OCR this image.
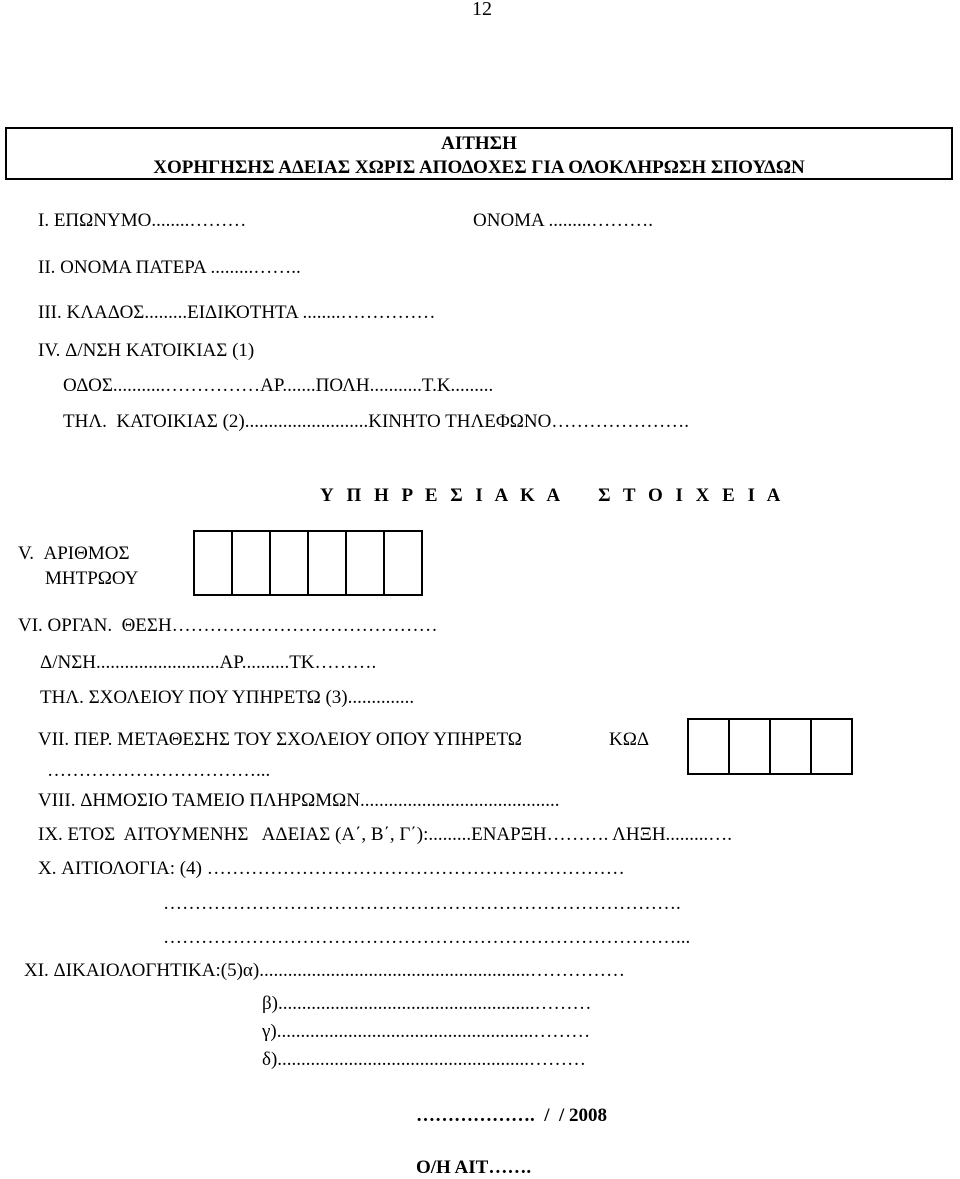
12
ΑΙΤΗΣΗ
ΧΟΡΗΓΗΣΗΣ ΑΔΕΙΑΣ ΧΩΡΙΣ ΑΠΟΔΟΧΕΣ ΓΙΑ ΟΛΟΚΛΗΡΩΣΗ ΣΠΟΥΔΩΝ
Ι. ΕΠΩΝΥΜΟ........………	ΟΝΟΜΑ .........……….
ΙΙ. ΟΝΟΜΑ ΠΑΤΕΡΑ .........……..
ΙΙΙ. ΚΛΑΔΟΣ.........ΕΙΔΙΚΟΤΗΤΑ ........……………
ΙV. Δ/ΝΣΗ ΚΑΤΟΙΚΙΑΣ (1)
ΟΔΟΣ...........……………ΑΡ.......ΠΟΛΗ...........Τ.Κ.........
ΤΗΛ.  ΚΑΤΟΙΚΙΑΣ (2)..........................ΚΙΝΗΤΟ ΤΗΛΕΦΩΝΟ………………….
Υ Π Η Ρ Ε Σ Ι Α Κ Α    Σ Τ Ο Ι Χ Ε Ι Α
V.  ΑΡΙΘΜΟΣ
ΜΗΤΡΩΟΥ
VI. ΟΡΓΑΝ.  ΘΕΣΗ……………………………………
Δ/ΝΣΗ..........................ΑΡ..........ΤΚ……….
ΤΗΛ. ΣΧΟΛΕΙΟΥ ΠΟΥ ΥΠΗΡΕΤΩ (3)..............
VII. ΠΕΡ. ΜΕΤΑΘΕΣΗΣ ΤΟΥ ΣΧΟΛΕΙΟΥ ΟΠΟΥ ΥΠΗΡΕΤΩ	ΚΩΔ
……………………………...
VIII. ΔΗΜΟΣΙΟ ΤΑΜΕΙΟ ΠΛΗΡΩΜΩΝ..........................................
IX. ΕΤΟΣ  ΑΙΤΟΥΜΕΝΗΣ   ΑΔΕΙΑΣ (Α΄, Β΄, Γ΄):.........ΕΝΑΡΞΗ………. ΛΗΞΗ.........….
X. ΑΙΤΙΟΛΟΓΙΑ: (4) …………………………………………………………
……………………………………………………………………….
………………………………………………………………………...
XI. ΔΙΚΑΙΟΛΟΓΗΤΙΚΑ:(5)α).........................................................……………
β)......................................................………
γ)......................................................………
δ).....................................................………
……………….  /  / 2008
Ο/Η ΑΙΤ…….
